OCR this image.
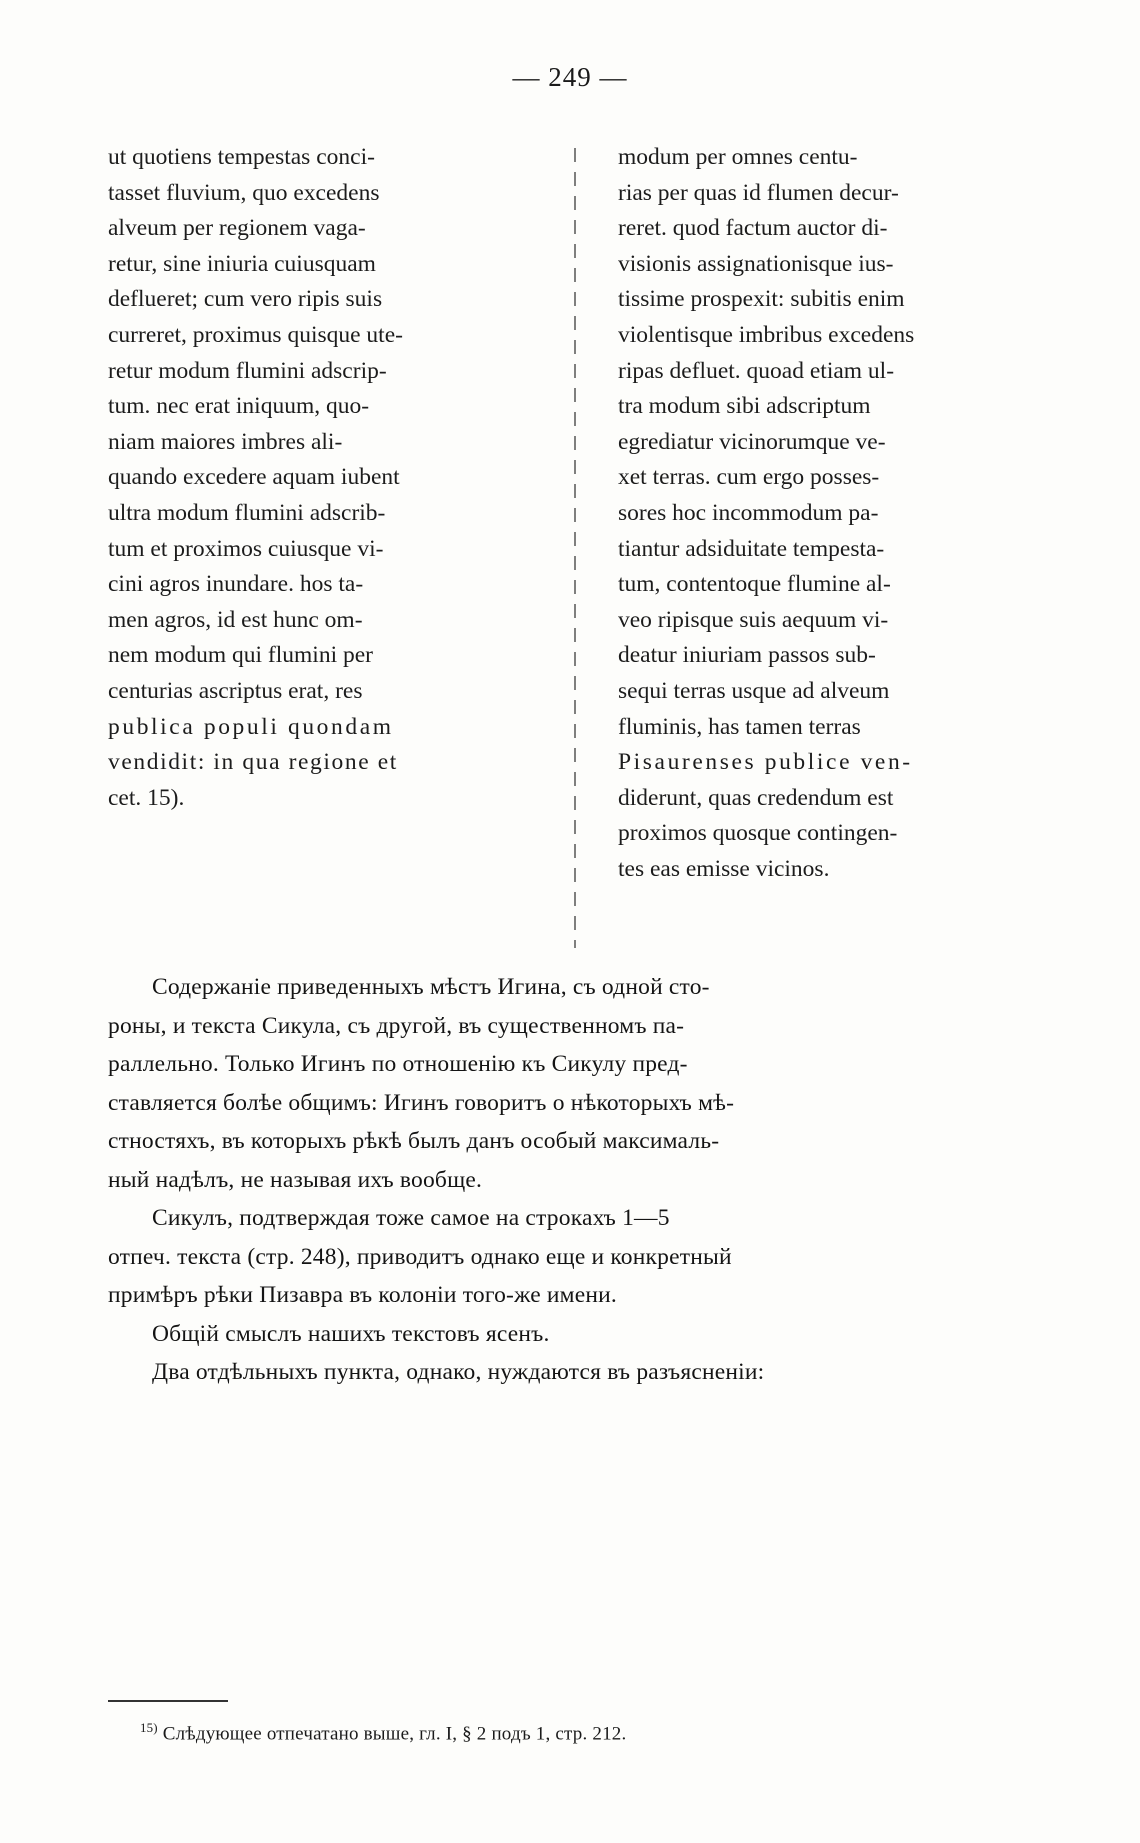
— 249 —

ut quotiens tempestas conci-
tasset fluvium, quo excedens
alveum per regionem vaga-
retur, sine iniuria cuiusquam
deflueret; cum vero ripis suis
curreret, proximus quisque ute-
retur modum flumini adscrip-
tum. nec erat iniquum, quo-
niam maiores imbres ali-
quando excedere aquam iubent
ultra modum flumini adscrib-
tum et proximos cuiusque vi-
cini agros inundare. hos ta-
men agros, id est hunc om-
nem modum qui flumini per
centurias ascriptus erat, res
publica populi quondam
vendidit: in qua regione et
cet. 15).

modum per omnes centu-
rias per quas id flumen decur-
reret. quod factum auctor di-
visionis assignationisque ius-
tissime prospexit: subitis enim
violentisque imbribus excedens
ripas defluet. quoad etiam ul-
tra modum sibi adscriptum
egrediatur vicinorumque ve-
xet terras. cum ergo posses-
sores hoc incommodum pa-
tiantur adsiduitate tempesta-
tum, contentoque flumine al-
veo ripisque suis aequum vi-
deatur iniuriam passos sub-
sequi terras usque ad alveum
fluminis, has tamen terras
Pisaurenses publice ven-
diderunt, quas credendum est
proximos quosque contingen-
tes eas emisse vicinos.

Содержаніе приведенныхъ мѣстъ Игина, съ одной сто-
роны, и текста Сикула, съ другой, въ существенномъ па-
раллельно. Только Игинъ по отношенію къ Сикулу пред-
ставляется болѣе общимъ: Игинъ говоритъ о нѣкоторыхъ мѣ-
стностяхъ, въ которыхъ рѣкѣ былъ данъ особый максималь-
ный надѣлъ, не называя ихъ вообще.

Сикулъ, подтверждая тоже самое на строкахъ 1—5
отпеч. текста (стр. 248), приводитъ однако еще и конкретный
примѣръ рѣки Пизавра въ колоніи того-же имени.

Общій смыслъ нашихъ текстовъ ясенъ.

Два отдѣльныхъ пункта, однако, нуждаются въ разъясненіи:

$^{15)}$ Слѣдующее отпечатано выше, гл. I, § 2 подъ 1, стр. 212.
